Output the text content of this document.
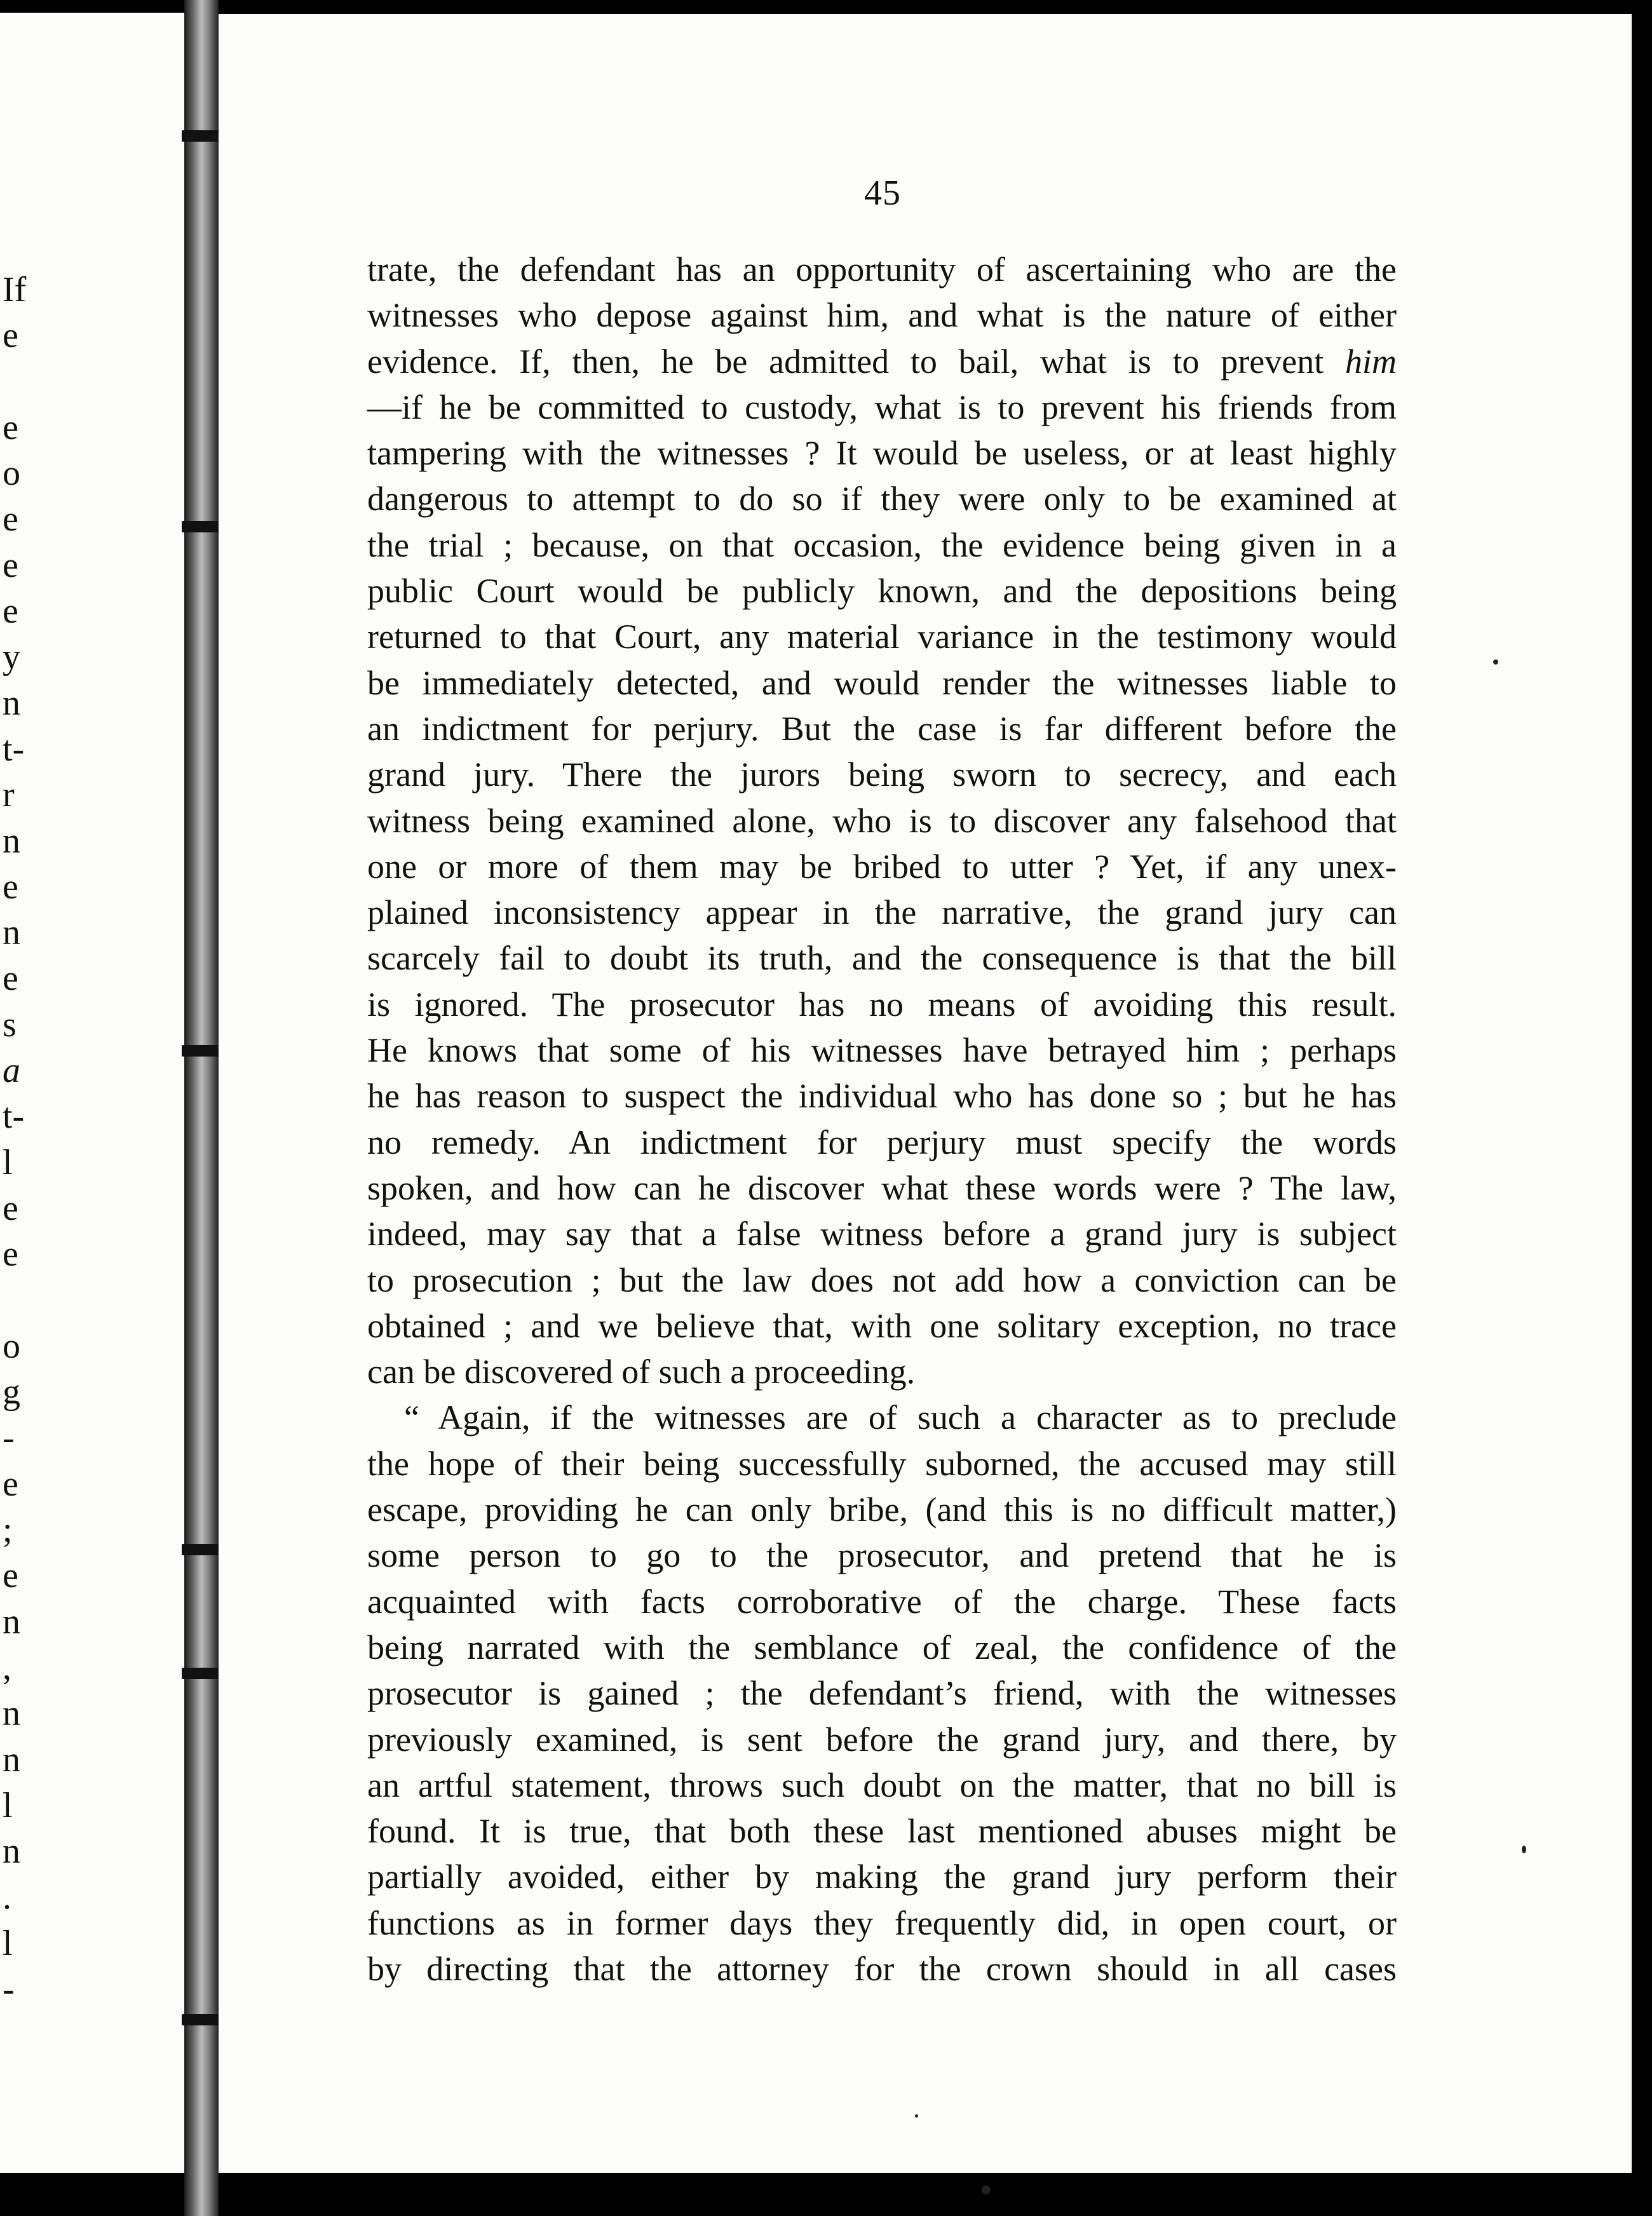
If
e
e
o
e
e
e
y
n
t-
r
n
e
n
e
s
a
t-
l
e
e
o
g
-
e
;
e
n
,
n
n
l
n
.
l
-
45
trate, the defendant has an opportunity of ascertaining who are the
witnesses who depose against him, and what is the nature of either
evidence. If, then, he be admitted to bail, what is to prevent him
—if he be committed to custody, what is to prevent his friends from
tampering with the witnesses ? It would be useless, or at least highly
dangerous to attempt to do so if they were only to be examined at
the trial ; because, on that occasion, the evidence being given in a
public Court would be publicly known, and the depositions being
returned to that Court, any material variance in the testimony would
be immediately detected, and would render the witnesses liable to
an indictment for perjury. But the case is far different before the
grand jury. There the jurors being sworn to secrecy, and each
witness being examined alone, who is to discover any falsehood that
one or more of them may be bribed to utter ? Yet, if any unex-
plained inconsistency appear in the narrative, the grand jury can
scarcely fail to doubt its truth, and the consequence is that the bill
is ignored. The prosecutor has no means of avoiding this result.
He knows that some of his witnesses have betrayed him ; perhaps
he has reason to suspect the individual who has done so ; but he has
no remedy. An indictment for perjury must specify the words
spoken, and how can he discover what these words were ? The law,
indeed, may say that a false witness before a grand jury is subject
to prosecution ; but the law does not add how a conviction can be
obtained ; and we believe that, with one solitary exception, no trace
can be discovered of such a proceeding.
“ Again, if the witnesses are of such a character as to preclude
the hope of their being successfully suborned, the accused may still
escape, providing he can only bribe, (and this is no difficult matter,)
some person to go to the prosecutor, and pretend that he is
acquainted with facts corroborative of the charge. These facts
being narrated with the semblance of zeal, the confidence of the
prosecutor is gained ; the defendant’s friend, with the witnesses
previously examined, is sent before the grand jury, and there, by
an artful statement, throws such doubt on the matter, that no bill is
found. It is true, that both these last mentioned abuses might be
partially avoided, either by making the grand jury perform their
functions as in former days they frequently did, in open court, or
by directing that the attorney for the crown should in all cases
